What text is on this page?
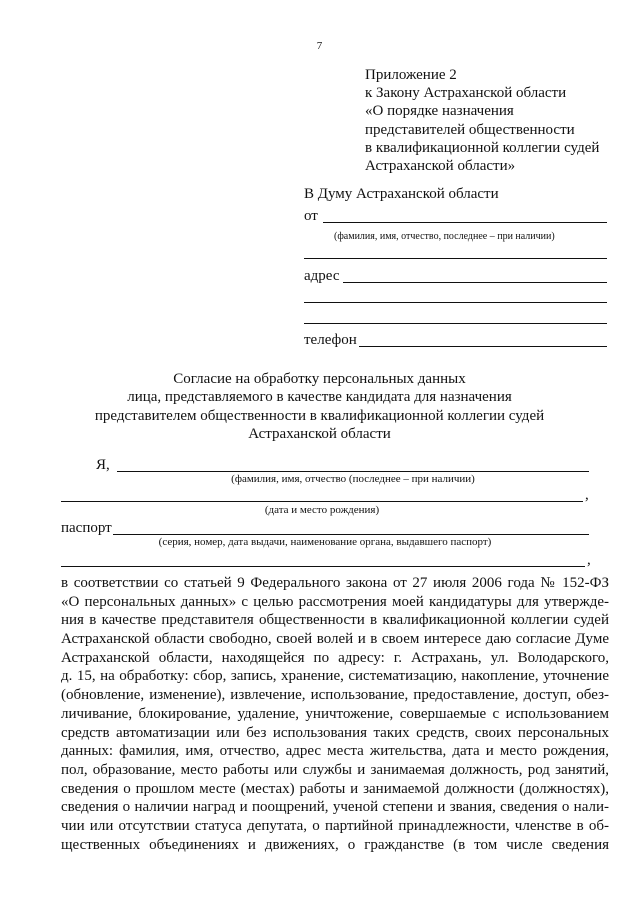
7
Приложение 2
к Закону Астраханской области
«О порядке назначения
представителей общественности
в квалификационной коллегии судей
Астраханской области»
В Думу Астраханской области
от
(фамилия, имя, отчество, последнее – при наличии)
адрес
телефон
Согласие на обработку персональных данных
лица, представляемого в качестве кандидата для назначения
представителем общественности в квалификационной коллегии судей
Астраханской области
Я,
(фамилия, имя, отчество (последнее – при наличии)
,
(дата и место рождения)
паспорт
(серия, номер, дата выдачи, наименование органа, выдавшего паспорт)
,
в соответствии со статьей 9 Федерального закона от 27 июля 2006 года № 152-ФЗ
«О персональных данных» с целью рассмотрения моей кандидатуры для утвержде-
ния в качестве представителя общественности в квалификационной коллегии судей
Астраханской области свободно, своей волей и в своем интересе даю согласие Думе
Астраханской области, находящейся по адресу: г. Астрахань, ул. Володарского,
д. 15, на обработку: сбор, запись, хранение, систематизацию, накопление, уточнение
(обновление, изменение), извлечение, использование, предоставление, доступ, обез-
личивание, блокирование, удаление, уничтожение, совершаемые с использованием
средств автоматизации или без использования таких средств, своих персональных
данных: фамилия, имя, отчество, адрес места жительства, дата и место рождения,
пол, образование, место работы или службы и занимаемая должность, род занятий,
сведения о прошлом месте (местах) работы и занимаемой должности (должностях),
сведения о наличии наград и поощрений, ученой степени и звания, сведения о нали-
чии или отсутствии статуса депутата, о партийной принадлежности, членстве в об-
щественных объединениях и движениях, о гражданстве (в том числе сведения
